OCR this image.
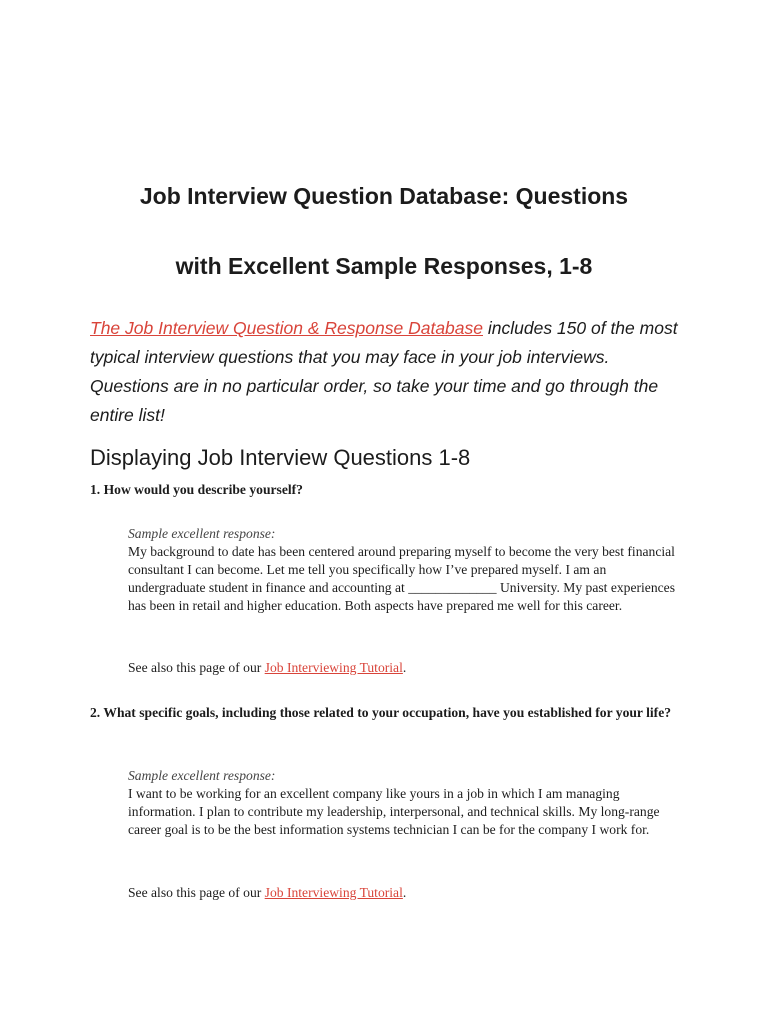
Job Interview Question Database: Questions
with Excellent Sample Responses, 1-8

The Job Interview Question & Response Database includes 150 of the most typical interview questions that you may face in your job interviews. Questions are in no particular order, so take your time and go through the entire list!

Displaying Job Interview Questions 1-8

1. How would you describe yourself?

Sample excellent response:
My background to date has been centered around preparing myself to become the very best financial consultant I can become. Let me tell you specifically how I’ve prepared myself. I am an undergraduate student in finance and accounting at _____________ University. My past experiences has been in retail and higher education. Both aspects have prepared me well for this career.

See also this page of our Job Interviewing Tutorial.

2. What specific goals, including those related to your occupation, have you established for your life?

Sample excellent response:
I want to be working for an excellent company like yours in a job in which I am managing information. I plan to contribute my leadership, interpersonal, and technical skills. My long-range career goal is to be the best information systems technician I can be for the company I work for.

See also this page of our Job Interviewing Tutorial.
